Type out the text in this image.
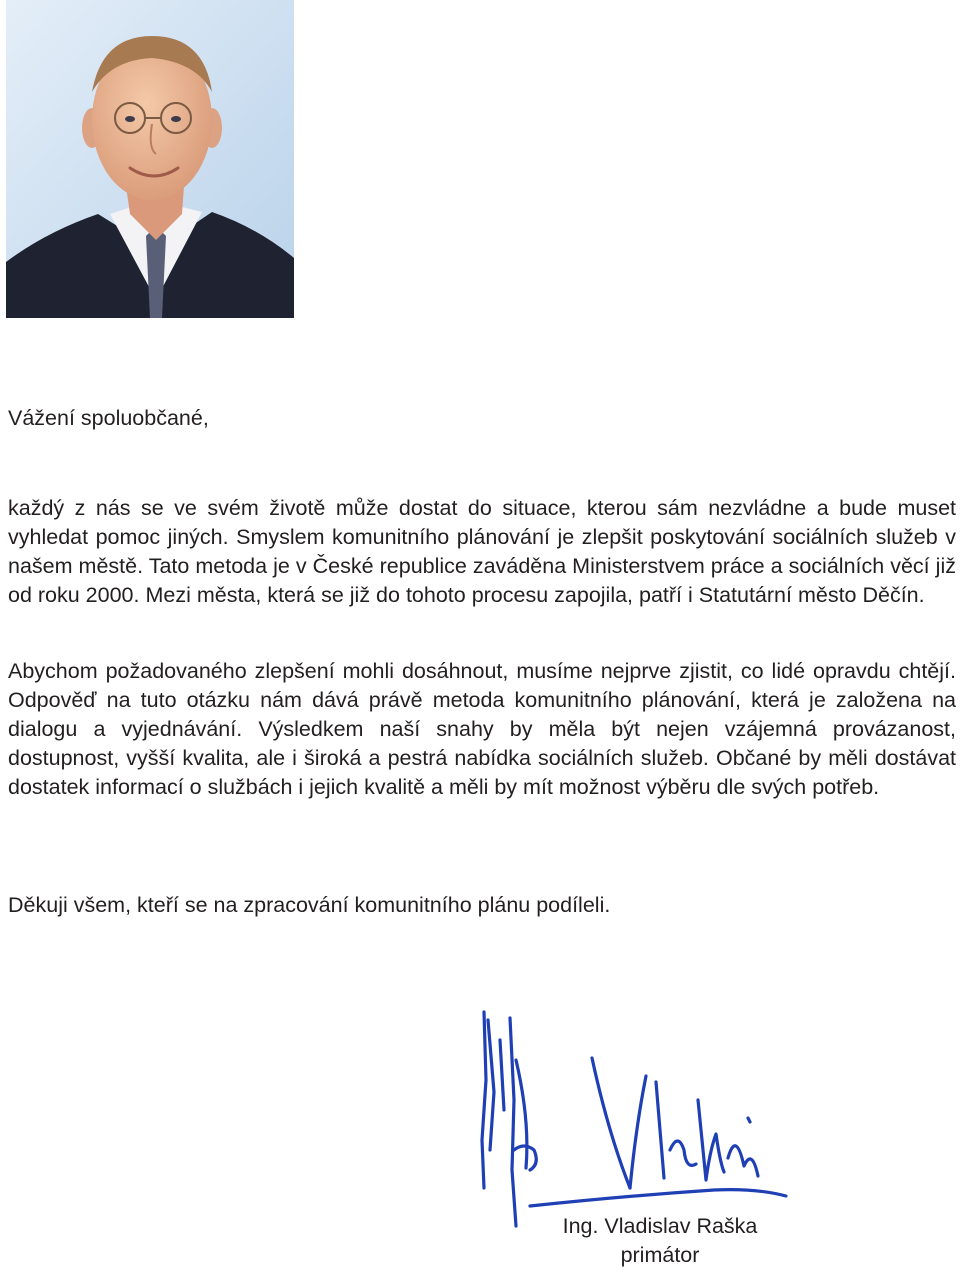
Vážení spoluobčané,

každý z nás se ve svém životě může dostat do situace, kterou sám nezvládne a bude muset vyhledat pomoc jiných. Smyslem komunitního plánování je zlepšit poskytování sociálních služeb v našem městě. Tato metoda je v České republice zaváděna Ministerstvem práce a sociálních věcí již od roku 2000. Mezi města, která se již do tohoto procesu zapojila, patří i Statutární město Děčín.

Abychom požadovaného zlepšení mohli dosáhnout, musíme nejprve zjistit, co lidé opravdu chtějí. Odpověď na tuto otázku nám dává právě metoda komunitního plánování, která je založena na dialogu a vyjednávání. Výsledkem naší snahy by měla být nejen vzájemná provázanost, dostupnost, vyšší kvalita, ale i široká a pestrá nabídka sociálních služeb. Občané by měli dostávat dostatek informací o službách i jejich kvalitě a měli by mít možnost výběru dle svých potřeb.

Děkuji všem, kteří se na zpracování komunitního plánu podíleli.

Ing. Vladislav Raška
primátor
